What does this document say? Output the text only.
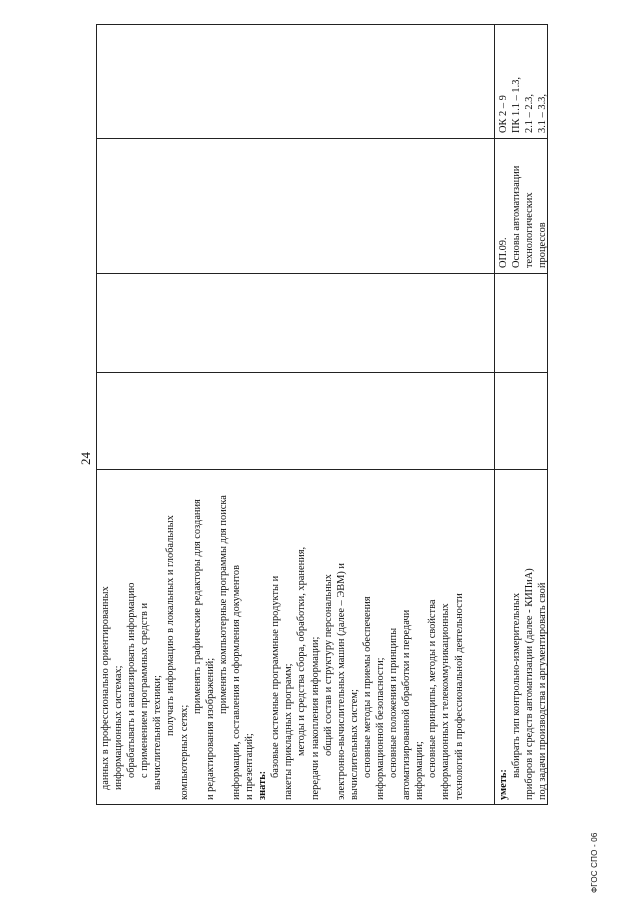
24
данных в профессионально ориентированных информационных системах; обрабатывать и анализировать информацию с применением программных средств и вычислительной техники; получать информацию в локальных и глобальных
компьютерных сетях;
применять графические редакторы для создания
и редактирования изображений;
применять компьютерные программы для поиска информации, составления и оформления документов и презентаций; знать:
базовые системные программные продукты и пакеты прикладных программ; методы и средства сбора, обработки, хранения, передачи и накопления информации; общий состав и структуру персональных электронно-вычислительных машин (далее – ЭВМ) и вычислительных систем; основные методы и приемы обеспечения информационной безопасности; основные положения и принципы автоматизированной обработки и передачи информации; основные принципы, методы и свойства информационных и телекоммуникационных технологий в профессиональной деятельности	уметь:
выбирать тип контрольно-измерительных приборов и средств автоматизации (далее - КИПиА) под задачи производства и аргументировать свой
ОП.09. Основы автоматизации технологических процессов
ОК 2 – 9 ПК 1.1 – 1.3, 2.1 – 2.3, 3.1 – 3.3,
ФГОС СПО - 06
